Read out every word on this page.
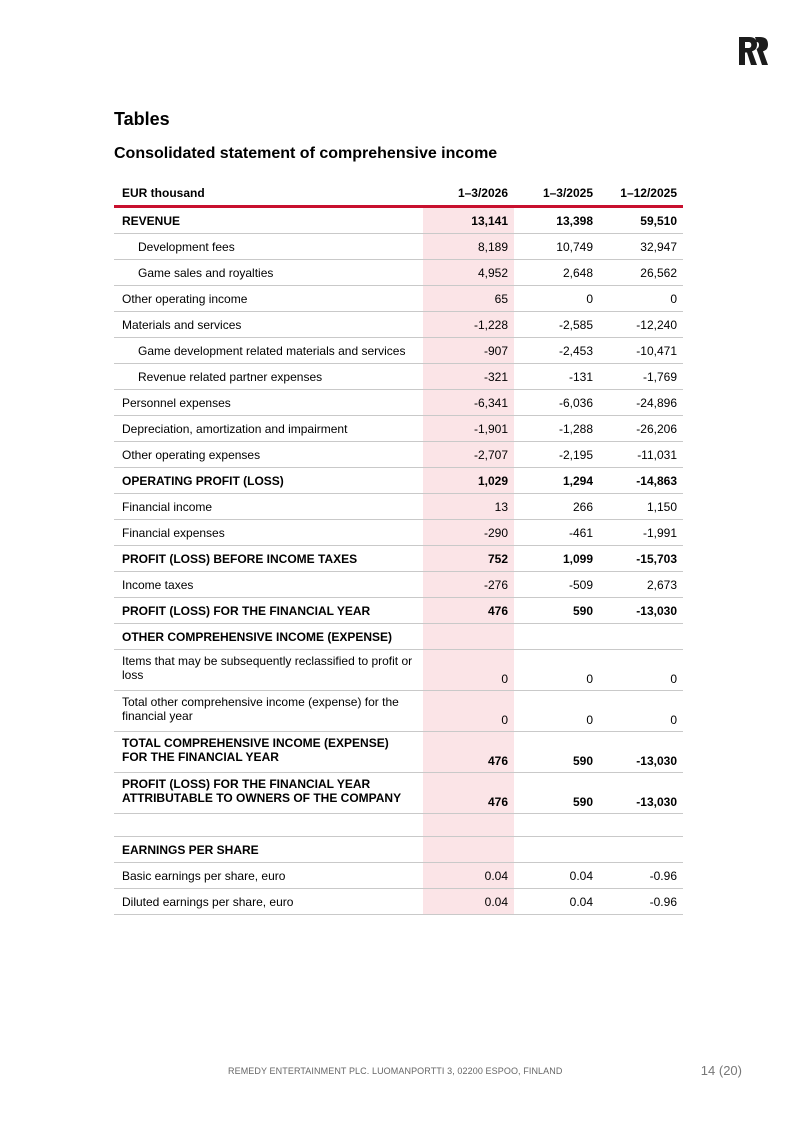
Tables
Consolidated statement of comprehensive income
EUR thousand	1–3/2026	1–3/2025	1–12/2025
REVENUE	13,141	13,398	59,510
Development fees	8,189	10,749	32,947
Game sales and royalties	4,952	2,648	26,562
Other operating income	65	0	0
Materials and services	-1,228	-2,585	-12,240
Game development related materials and services	-907	-2,453	-10,471
Revenue related partner expenses	-321	-131	-1,769
Personnel expenses	-6,341	-6,036	-24,896
Depreciation, amortization and impairment	-1,901	-1,288	-26,206
Other operating expenses	-2,707	-2,195	-11,031
OPERATING PROFIT (LOSS)	1,029	1,294	-14,863
Financial income	13	266	1,150
Financial expenses	-290	-461	-1,991
PROFIT (LOSS) BEFORE INCOME TAXES	752	1,099	-15,703
Income taxes	-276	-509	2,673
PROFIT (LOSS) FOR THE FINANCIAL YEAR	476	590	-13,030
OTHER COMPREHENSIVE INCOME (EXPENSE)			
Items that may be subsequently reclassified to profit or loss	0	0	0
Total other comprehensive income (expense) for the financial year	0	0	0
TOTAL COMPREHENSIVE INCOME (EXPENSE) FOR THE FINANCIAL YEAR	476	590	-13,030
PROFIT (LOSS) FOR THE FINANCIAL YEAR ATTRIBUTABLE TO OWNERS OF THE COMPANY	476	590	-13,030

EARNINGS PER SHARE			
Basic earnings per share, euro	0.04	0.04	-0.96
Diluted earnings per share, euro	0.04	0.04	-0.96
REMEDY ENTERTAINMENT PLC. LUOMANPORTTI 3, 02200 ESPOO, FINLAND	14 (20)
